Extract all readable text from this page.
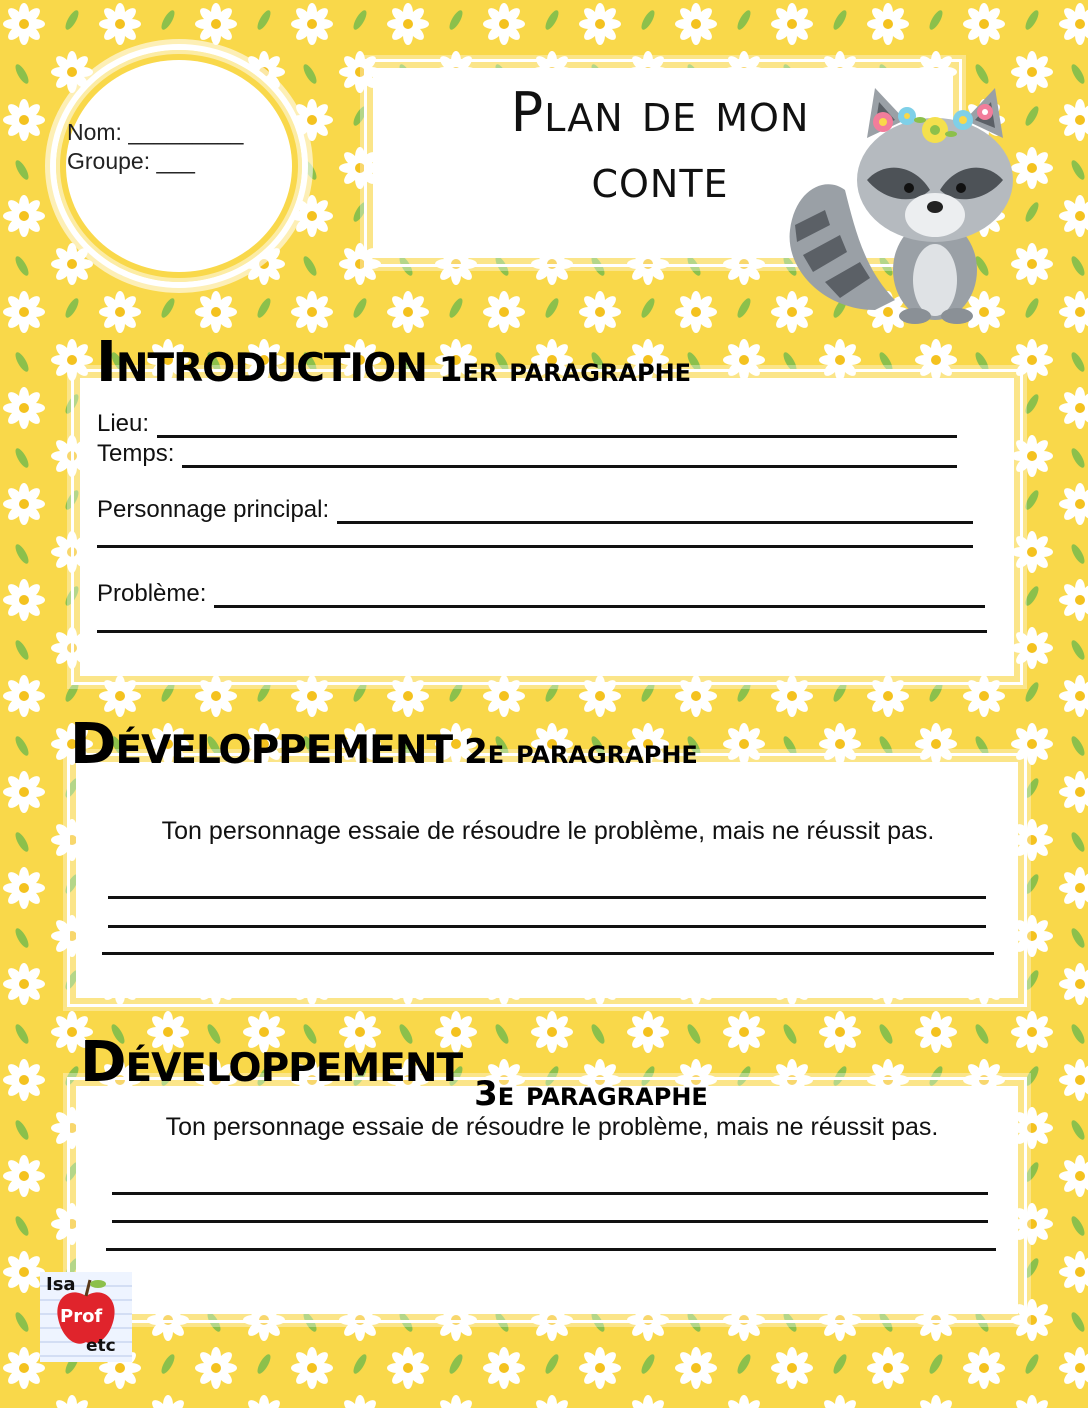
Nom: _________
Groupe: ___
Plan de mon
conte
Introduction 1er paragraphe
Lieu:
Temps:
Personnage principal:
Problème:
Développement 2e paragraphe
Ton personnage essaie de résoudre le problème, mais ne réussit pas.
Développement 3e paragraphe
Ton personnage essaie de résoudre le problème, mais ne réussit pas.
Isa
Prof
etc
